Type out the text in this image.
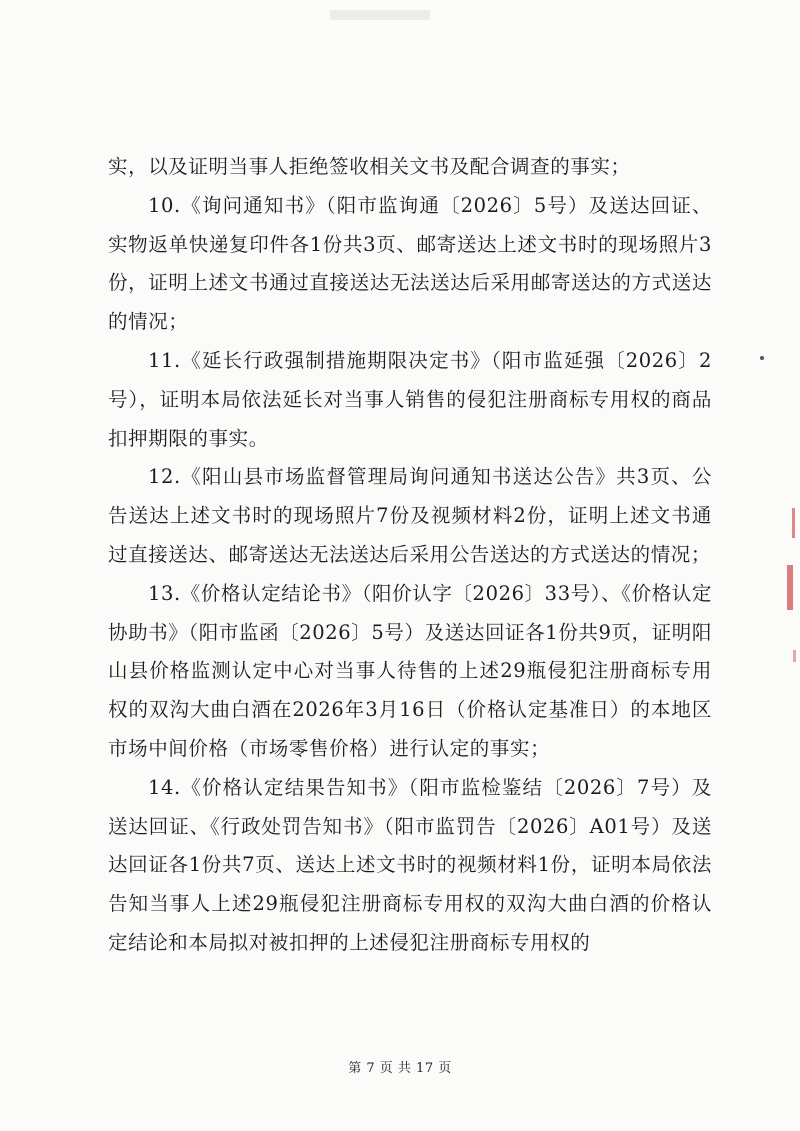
实，以及证明当事人拒绝签收相关文书及配合调查的事实；

10.《询问通知书》（阳市监询通〔2026〕5号）及送达回证、实物返单快递复印件各1份共3页、邮寄送达上述文书时的现场照片3份，证明上述文书通过直接送达无法送达后采用邮寄送达的方式送达的情况；

11.《延长行政强制措施期限决定书》（阳市监延强〔2026〕2号），证明本局依法延长对当事人销售的侵犯注册商标专用权的商品扣押期限的事实。

12.《阳山县市场监督管理局询问通知书送达公告》共3页、公告送达上述文书时的现场照片7份及视频材料2份，证明上述文书通过直接送达、邮寄送达无法送达后采用公告送达的方式送达的情况；

13.《价格认定结论书》（阳价认字〔2026〕33号）、《价格认定协助书》（阳市监函〔2026〕5号）及送达回证各1份共9页，证明阳山县价格监测认定中心对当事人待售的上述29瓶侵犯注册商标专用权的双沟大曲白酒在2026年3月16日（价格认定基准日）的本地区市场中间价格（市场零售价格）进行认定的事实；

14.《价格认定结果告知书》（阳市监检鉴结〔2026〕7号）及送达回证、《行政处罚告知书》（阳市监罚告〔2026〕A01号）及送达回证各1份共7页、送达上述文书时的视频材料1份，证明本局依法告知当事人上述29瓶侵犯注册商标专用权的双沟大曲白酒的价格认定结论和本局拟对被扣押的上述侵犯注册商标专用权的

第 7 页 共 17 页
